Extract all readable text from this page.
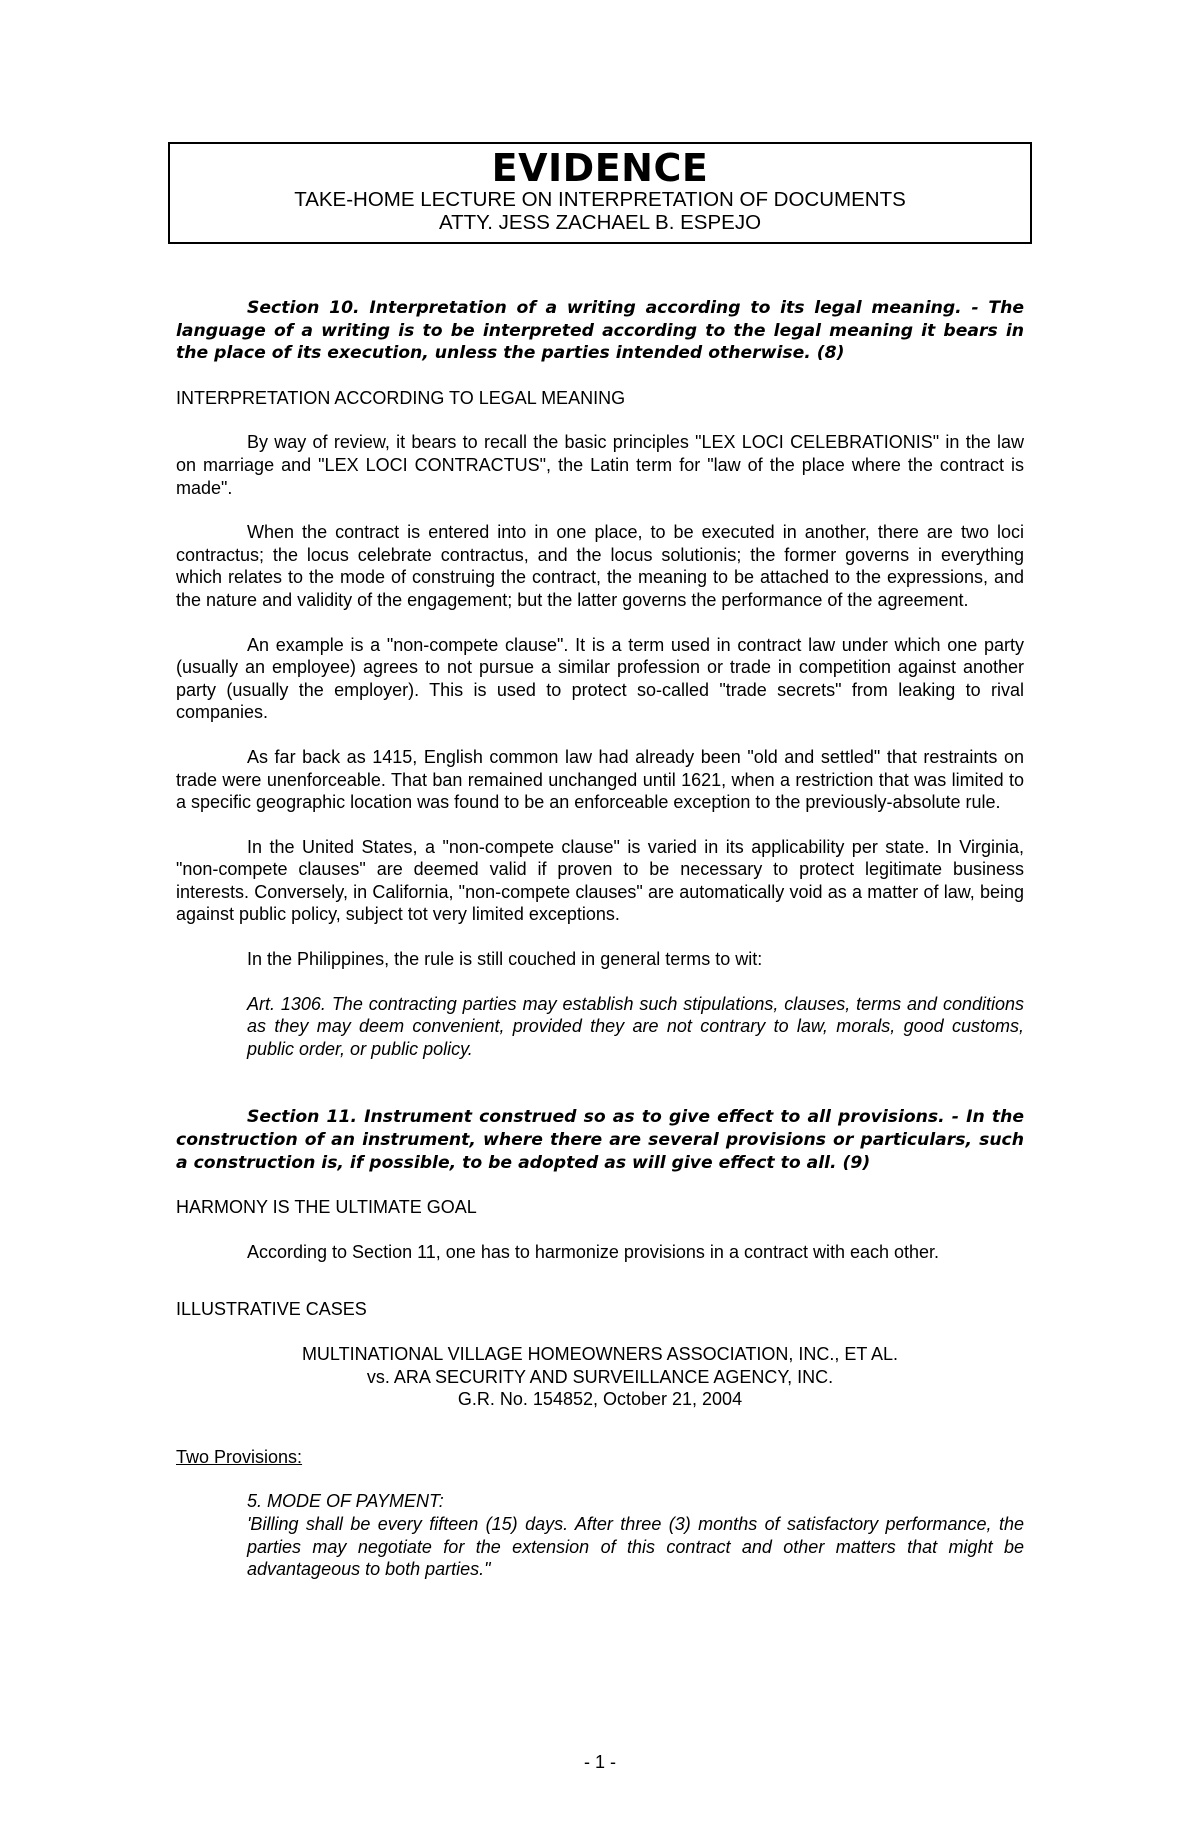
EVIDENCE
TAKE-HOME LECTURE ON INTERPRETATION OF DOCUMENTS
ATTY. JESS ZACHAEL B. ESPEJO

Section 10. Interpretation of a writing according to its legal meaning. - The language of a writing is to be interpreted according to the legal meaning it bears in the place of its execution, unless the parties intended otherwise. (8)

INTERPRETATION ACCORDING TO LEGAL MEANING

By way of review, it bears to recall the basic principles "LEX LOCI CELEBRATIONIS" in the law on marriage and "LEX LOCI CONTRACTUS", the Latin term for "law of the place where the contract is made".

When the contract is entered into in one place, to be executed in another, there are two loci contractus; the locus celebrate contractus, and the locus solutionis; the former governs in everything which relates to the mode of construing the contract, the meaning to be attached to the expressions, and the nature and validity of the engagement; but the latter governs the performance of the agreement.

An example is a "non-compete clause". It is a term used in contract law under which one party (usually an employee) agrees to not pursue a similar profession or trade in competition against another party (usually the employer). This is used to protect so-called "trade secrets" from leaking to rival companies.

As far back as 1415, English common law had already been "old and settled" that restraints on trade were unenforceable. That ban remained unchanged until 1621, when a restriction that was limited to a specific geographic location was found to be an enforceable exception to the previously-absolute rule.

In the United States, a "non-compete clause" is varied in its applicability per state. In Virginia, "non-compete clauses" are deemed valid if proven to be necessary to protect legitimate business interests. Conversely, in California, "non-compete clauses" are automatically void as a matter of law, being against public policy, subject tot very limited exceptions.

In the Philippines, the rule is still couched in general terms to wit:

Art. 1306. The contracting parties may establish such stipulations, clauses, terms and conditions as they may deem convenient, provided they are not contrary to law, morals, good customs, public order, or public policy.

Section 11. Instrument construed so as to give effect to all provisions. - In the construction of an instrument, where there are several provisions or particulars, such a construction is, if possible, to be adopted as will give effect to all. (9)

HARMONY IS THE ULTIMATE GOAL

According to Section 11, one has to harmonize provisions in a contract with each other.

ILLUSTRATIVE CASES

MULTINATIONAL VILLAGE HOMEOWNERS ASSOCIATION, INC., ET AL.

vs. ARA SECURITY AND SURVEILLANCE AGENCY, INC.

G.R. No. 154852, October 21, 2004

Two Provisions:

5. MODE OF PAYMENT:

'Billing shall be every fifteen (15) days. After three (3) months of satisfactory performance, the parties may negotiate for the extension of this contract and other matters that might be advantageous to both parties."

- 1 -
